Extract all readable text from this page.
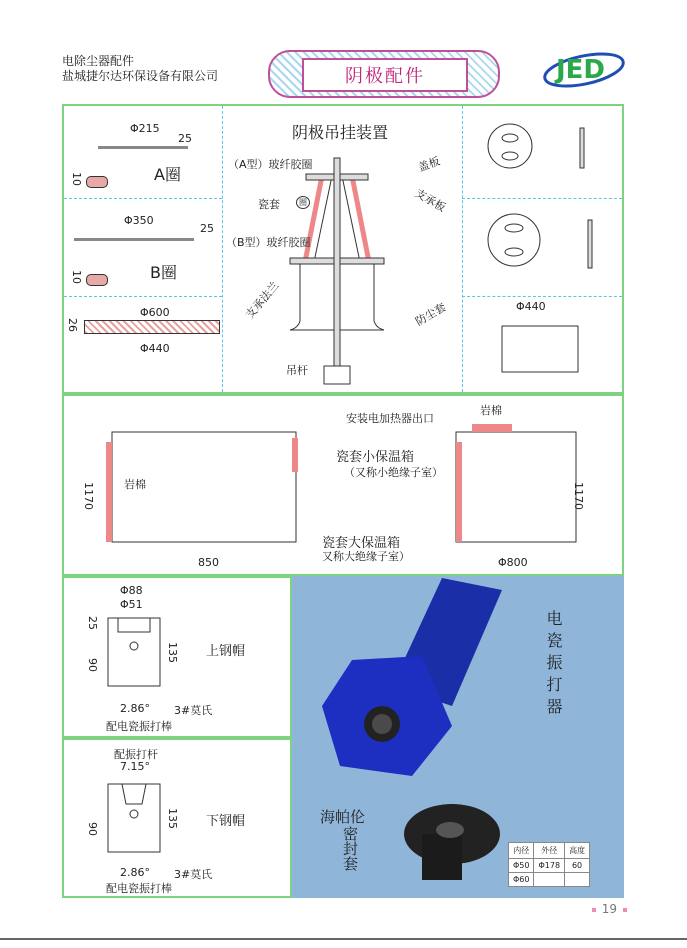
电除尘器配件
盐城捷尔达环保设备有限公司	阴极配件	JED
阴极吊挂装置
Φ215
25
10	A圈
Φ350
25
10	B圈
Φ600
26
Φ440
（A型）玻纤胶圈
瓷套	圈
（B型）玻纤胶圈
支承法兰
吊杆
盖板
支承板
防尘套	Φ440
安装电加热器出口
岩棉
岩棉
瓷套小保温箱
（又称小绝缘子室）
瓷套大保温箱
又称大绝缘子室）
1170	1170
850	Φ800
Φ88
Φ51
25
90
135
2.86° 3#莫氏
配电瓷振打棒
上钢帽
配振打杆
7.15°
90	135
2.86° 3#莫氏
配电瓷振打棒
下钢帽
电瓷振打器
海帕伦
密封套	内径	外径	高度
Φ50	Φ178	60
Φ60		
19
